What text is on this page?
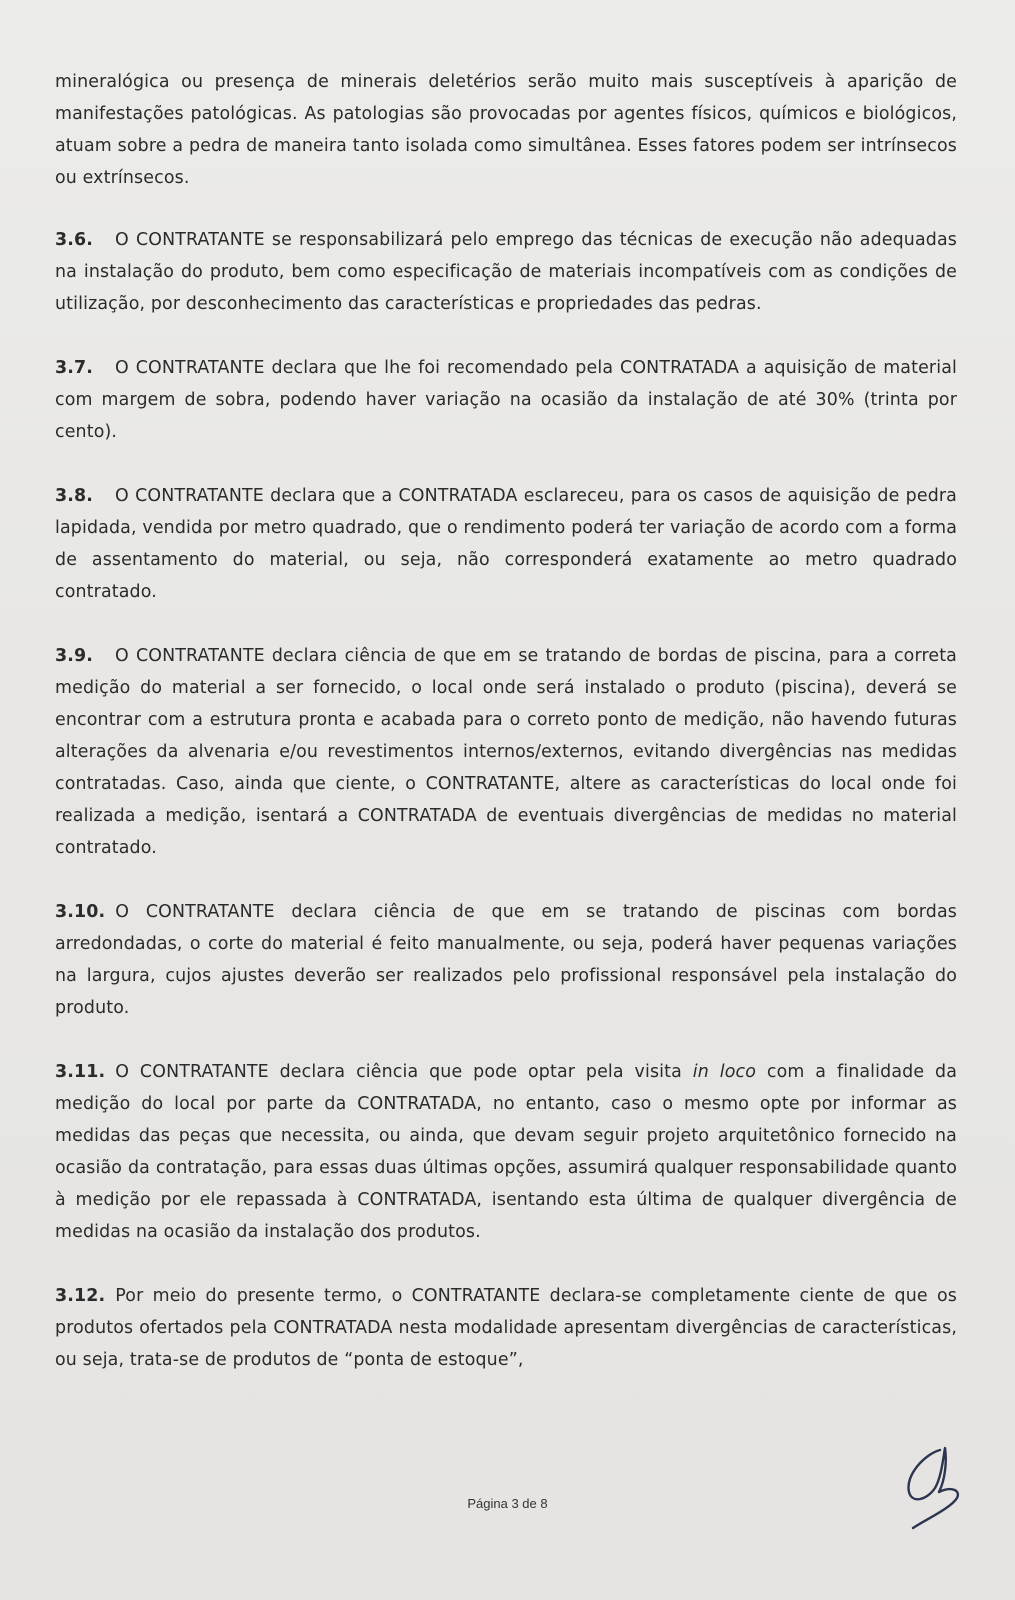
mineralógica ou presença de minerais deletérios serão muito mais susceptíveis à aparição de manifestações patológicas. As patologias são provocadas por agentes físicos, químicos e biológicos, atuam sobre a pedra de maneira tanto isolada como simultânea. Esses fatores podem ser intrínsecos ou extrínsecos.

3.6. O CONTRATANTE se responsabilizará pelo emprego das técnicas de execução não adequadas na instalação do produto, bem como especificação de materiais incompatíveis com as condições de utilização, por desconhecimento das características e propriedades das pedras.

3.7. O CONTRATANTE declara que lhe foi recomendado pela CONTRATADA a aquisição de material com margem de sobra, podendo haver variação na ocasião da instalação de até 30% (trinta por cento).

3.8. O CONTRATANTE declara que a CONTRATADA esclareceu, para os casos de aquisição de pedra lapidada, vendida por metro quadrado, que o rendimento poderá ter variação de acordo com a forma de assentamento do material, ou seja, não corresponderá exatamente ao metro quadrado contratado.

3.9. O CONTRATANTE declara ciência de que em se tratando de bordas de piscina, para a correta medição do material a ser fornecido, o local onde será instalado o produto (piscina), deverá se encontrar com a estrutura pronta e acabada para o correto ponto de medição, não havendo futuras alterações da alvenaria e/ou revestimentos internos/externos, evitando divergências nas medidas contratadas. Caso, ainda que ciente, o CONTRATANTE, altere as características do local onde foi realizada a medição, isentará a CONTRATADA de eventuais divergências de medidas no material contratado.

3.10. O CONTRATANTE declara ciência de que em se tratando de piscinas com bordas arredondadas, o corte do material é feito manualmente, ou seja, poderá haver pequenas variações na largura, cujos ajustes deverão ser realizados pelo profissional responsável pela instalação do produto.

3.11. O CONTRATANTE declara ciência que pode optar pela visita in loco com a finalidade da medição do local por parte da CONTRATADA, no entanto, caso o mesmo opte por informar as medidas das peças que necessita, ou ainda, que devam seguir projeto arquitetônico fornecido na ocasião da contratação, para essas duas últimas opções, assumirá qualquer responsabilidade quanto à medição por ele repassada à CONTRATADA, isentando esta última de qualquer divergência de medidas na ocasião da instalação dos produtos.

3.12. Por meio do presente termo, o CONTRATANTE declara-se completamente ciente de que os produtos ofertados pela CONTRATADA nesta modalidade apresentam divergências de características, ou seja, trata-se de produtos de “ponta de estoque”,

Página 3 de 8
